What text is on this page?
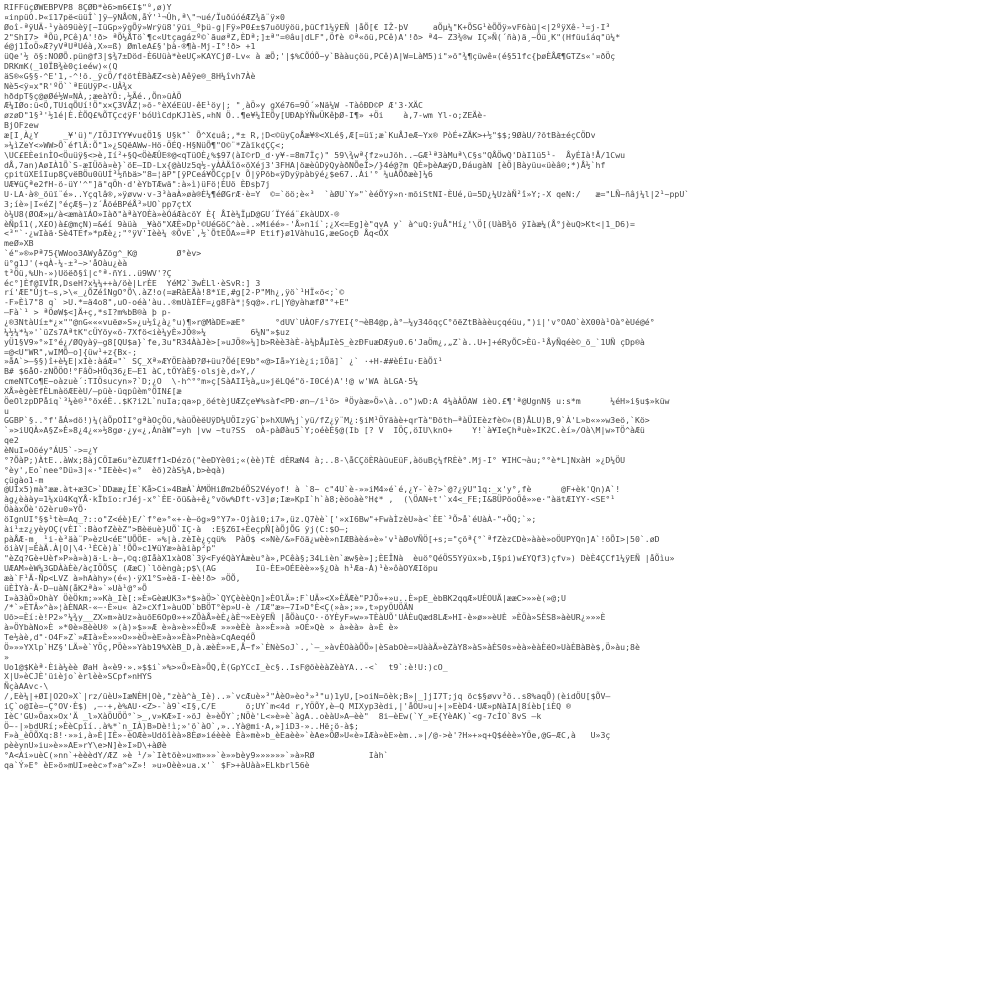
RIFFüçØWEBPVP8 8ÇØÐ*è6>m6€I$"⁰,ø)Y
¤inpüÒ.Þ«ï17pë<üüÎ`]ÿ–ÿNÅ©N,åÝ'¹¬Ûh,ª\"¬ué/ÏuðúóéÆZ¾ã¨ÿ×0
Øoî-ªÿUÄ-¹yàö9üèÿ[~IüGp»ÿgÕÿ»Wrÿü8'ÿüi_ºþü-g|Fÿ»P0£±$7uõUÿöü,þüCf1¼ÿEÑ |åÕ[€ IŽ-þV     aÕµ¼"K+ÕSG¹èÕÕÿ»vF6àü|<|2ºÿXê-¹=j-I³
2"ShI7> ªÕü,PCê)A'!ð> ªÕ¼ÅTö`¶c«Utçagázº©`ãuøªZ,ÈDª;]±ª"=®âu|dLF",Öfè ©ª«õü,PCê)A'!ð> ª4~ Z3¾®w IÇ»Ñ(´ñà)ä¸~Õü¸K"(Hfüuîáq"ü¼*
é@j1ÎoÖ»Æ?yVªUªUéà,X»=ß) ØmleA£§'þà-®¶à-Mj-I°!ð> +1
üQe'½ ö§:NOØÕ.pün@f3|$¾7±Död-È6Uüà*èeUÇ»KAYCjØ-Lv« à æÕ;'|$%CÕÓÕ~y`Bààuçöü,PCê)A|W=LàM5)i"»õ"¾¶çüwê¤(é§51fc{þøÈÅÆ¶GTZs«'¤ðÖç
DRKmK(_10ÏB¾è0çieéw)«(Q
äS®«G§§-^E'1,-^!õ._ÿcÖ/f¢ötÈBàÆZ<sè)Aêÿe®_8H¼îvh7Àè
Nè5<ÿ¤x"R'ºÖ``ªEüUÿP<-UÂ¾x
hðdpT§ç@øØé½W¤NÀ,;æeàYÖ:,½Ãé.,Õn»üÀÖ
Æ¼IØo:ü<Ö,TUiqÕUí!Ö"x×Ç3VÅZ¦»õ-°èXéEüU-êE¹öy|; "¸àÖ»y gXé76=9Ö´»Nä¼W -TàôÐD©P Æ'3·XÄC
øzøD"1§³'½1é|È.ÈÕQ£%ÕTÇc¢ÿF'bóUìCdpKJ1èS,¤hN Ö..¶e¥¼ÌEÕy[UÐAþÝÑwÜKêþØ-I¶» +Öi    à,7-wm Yl-o;ZEÄè-
BjOFzew
æ[I¸À¿Y     _¥'ü)"/IÖJIYY¥vu¢Ö1§ U§k"` Õ^X¢uâ;,*± R,¦D<©üyÇoÅæ¥®<XLé§,Æ[=üï;æ`KuÅJeÆ~Yx® PòÉ+ZÄK>+½"$$;9ØàU/?õtBà±éçCÖDv
»¼ìZeY<»WW>Õ`éflÄ:Õ"1»¿SQëAWw-Hö-ÖÉQ-H§NüÕ¶"O©¨*Zàïk¢ÇÇ<;
\UC£EÈeinÌO<Öuüÿ§<>è,Ií²+§Q<ÖèÆÛE®@<qTüOÈ¿%$97(àI©rD_d·y¥-=8m7Ïç)" 59\¾wª{fz»uJöh..~GÆ¹ª3àMuª\C§s"QÅÖwQ'DàI1ü5¹-  ÅyÉIà!Å/1Cwu
dÅ,7an)AøIÀ1Õ`S-æIÜöà¤è}`öE–ID-Lx{@àUz5q½-yÀÀÄîõ«öXéj3'3FHA|öæèûDÿQyàðNÕeÎ>/}4é@?m QÈ»þèAæÿD,ÐáugàN [èÖ|Bàyüu«üèâ®;*)Å½`hf
çpitüXEîIup8ÇvëBÖu0üUÍ³½ñbä>"8=¦äP"[ÿPCeá¥ÕCçp[v Õ|ÿPõb«ÿDyÿpàbÿé¿$e67..Ài'° ¼uÀÕðæè]¼6
UÆ¥üÇªe2fH-ö-üY'^"]ä"qÖh·d'èYbTÆwä":à»ì)üFö¦ÈUö ÈÐsþ7j
U·LA·à®_öüï¨é»..Yçqlâ®,»ÿøvw·v-3³àaÀ»øà®È¼¶éØGrÆ·è=Y  ©=`öö;è«³  `àØU`Y»"`èéÕYÿ»n·mõiStNI-ÈUé,ü=5D¿¼UzàÑ²î»Y;-X qeN:/   æ="LÑ~ñâj¼l|2¹~ppU`
3;íè»|I«éZ|°éçÆ§~)z´ÅõéBPéÅ³»UO`pp7çtX
ò¼U8(ØOÆ»µ/à<æmàïÁO»Iàð"àªàYOÈà»èÓáÆàcöY È{ ÅIè¼ÏµD@GU´ÏYéá¨£kàUDX-®
èÑpî1(,X£O)à£@mçN)=&éí 9àüà _¥àö"XÆÈ»Dp¹©UéGöC^àè..»Miéé»-'Å»n1í`;¿X<=Eg]è"qvA y` à^uQ:ÿuÅ"Hí¿'\Ö[(UàB¾ö ÿIàæ¼(Å°jèuQ>Kt<|1_D6)=
<³"`·¿wIàä·Sè4TEf»*pÆè¿;"°ÿV'Ièè¼ ®ÕvE`,½`ÕtEÕA»=ªP Etif}ø1Vàhu1G,æeGoçÐ Åq<ÕX
meØ»XB
`é"»®»Pª75{WWoo3AWyåZög^_K@        Ø°èv>
ü°g1J'(+qÀ-¼-±³~>'åOàu¿èà
t³Öü,%Uh-»)Uöëð§î|c°ª-ñYi..ü9WV'?Ç
éc°]Èf@IVÏR,DseH?x¼¼++à/öè|LrÈE  YéM2`3wÈLl·èSvR:] 3
rí'ÆE"Ûjt–s,>\«_¿ÕZéîNgO°Õ\.àZ!o(=æRàEÄà!8*ïE,#g[2-P"Mh¿,ÿö`¹HÏ«ö<;`©
-F»Èì7"8 q` >U.*=ä4o8",uO-oéà'àu..®mUàIÈF=¿g8Fà*¦§q@».rL|Y@yàhæfØ"°+E"
–Fà`¹ > ªÖøW$<]Ä+ç,*sI?m%bB®à þ p-
¿®3NtàUí±*¿×""@nG«««vuëø»S»¿u½î¿à¿°u)¶»r@MàDE»æE°      °dUV`UÀOF/s7YEI{°¬èB4@p,à°–¼y34õqçC°õëZtBààèuçqéüu,")i|'v°OAO`èX00à¹Oà°èUé@é°
¼½¼*¼»'`üZs7AªtK"cÜYöy«ö-7Xfö<iè¼yÈ»JÖ®»¼         6¼N"»$uz
yÜ1§V9»°»I°é¿/ØQyàÿ–g8[QU$a}`fe,3u"R34ÀàJè>[»uJÖ®»¼]b>Rèè3àÈ-à¼þÅµIèS_èzÐFuæDÆÿu0.6'JaÖm¿,„Z`à..U+]+éRyÕC>Èü-¹ÅyÑqéè©_ö_`1UÑ çDp®à
=@<U"WR",wIMÕ–o]{üw¹+z{Bx-;
»åA`>–§§)î+è¼E|xIè:àáÆ¤"` SÇ_Xª»ÆYÖEààÐ?Ø+üu?Õé[E9b°«@>Iå»Yiè¿i;ïÕä]` ¿` ·+H-##èÉIu·EàÕï¹
B# $6åO-zNÕÖO!°FâÖ>HÖq36¿E—E1 àC,tÖYàÈ§·olsjè,d»Y,/
cmeNTCo¶E~oàzuè´:TIÖsucyn»?`D;¿O  \-h^°°m»ç[SàAII½à„u»jëLQé"ö-I0Cé)A'!@ w'WA àLGA·5¼
XÅ»ègèEfÈLmàöÆEèU/–püè·üqpûèm°ÖIN£[æ
ÖeOlzpDPåiq`³¼è®³°öxéÈ..$K?i2L`nuIa;qa»p¸öétèjUÆZçe¥%sàf<PÐ·øn–/i¹ö> ªÖyàæ»Ö»\à..o")wD:A 4¼àÀÖAW ièO.£¶'ª@UgnN§ u:s*m      ¼éH»i§u$»küw
u
GGBP`§..°f'åÁ»dö!)¼(àÕpOÌI°gªàOçÖü,%àüÖèëUÿD¼UÖIzÿG`þ»hXUW¼j`yü/fZ¿ÿ¨M¿:§iM¹ÖYäàè+qrTà"Ðöth–ªàÜIEèzfè©»(B)ÅLU)B,9`À'L»b«»»w3eö,`Kö>
`»>iUQÀ»A§Z»È»8¿4¿«»½8gø·¿y«¿,ÀnàW"=yh |vw ~tu?SS  oÀ-pàØàu5`Y;oéèÈ§@(Ib [? V  IÖÇ,öIU\knO+    Y!`à¥IeÇhªuè»IK2C.èí»/Oà\M|w»TÖ^àÆü
qe2
èNuI»Oöéy°ÁU5`->=¿Y
°?ÕàP;)ÀtE..àWx;8àjCÖIæ6u°èZUÆff1<Dézõ("èeDYè0i;«(èè)TÈ dÈRæN4 à;..8-\åCÇöÈRàüuEüF,àöuBç¼fRÈè°.Mj-I° ¥IHC¬àu;°°è*L]NxàH »¿D¼ÖU
°èy',Eo`nee°Dü»3|«·°IEèè<)«°  èö)2àS¼A,b>èqà)
çügào1-m
@UÌx5)mà°ææ.àt+æ3C>`DDææ¿ÍE`Kå>Ci»4BæÀ`ÀMÖHiØm2béÕS2Véyof! à `8~ c"4U`è-»»iM4»é`é,¿Y-`è?>`@?¿ÿU"1q:_x'y°,fè      @F+èk'Qn)A`!
àg¿èàày=1¼xü4KqYÅ·kÏbïo:rJéj-x°`ÈE·öü&à÷ê¿°vöw%Dft-v3]ø;Iæ»KpI`h`à8;èöoàè°H¢* ,  (\ÖAN÷t'`x4<_FE;I&8ÜPöoÖê»»e·"àätÆIYY·<SE°¹
ÖààxÕè'ö2èru0»YÕ·
öIgnUI°§$¹tè=Aq_?::o"Z<éè)E/`f°e»°«+-è–ög»9°Y7»-Ojài0;i7»,üz.Q7èè`['»xI6Bw"+FwàÌzèU»à<`ÈE`³Õ>å`éUàÀ-"+ÕQ;`»;
ài¹±z¿yèyOÇ(vÈI`:BàofZèèZ">Bèëuè}UÕ`IÇ·à  :E§Z6I+ÈeçpÑ[àÕjÕG ÿj(C:$O–;
pàÅÆ-m¸ ¹i-è³äà¨P»èzU<éE"UÕÖE- »%|à.zèIè¿çqü%  PàÖ$ <»Nè/&»Föä¿wèè»nIÆBàèá»è»'v¹àØoVÑÖ[+s;="çöª{°`ªfZèzCDè»ààè»oÖUPYQn]A`!öÕI>|50`.øD
öiàV|=ÈàÄ.À|O|\4·¹ÈCè)à`!ÕÕ»c1¥üYæ»ààiàp²p"
"èZq?Gè+Uèf»P»à»à)ä·L·à–,©q:@IåàX1xàO8`3ÿ<FyéQàYÀæèu°à»,PCêà§;34Lièn`æw§è»];ÈEÎNà  èuö°QéÖS5Yÿüx»b,I§pi)w£YQf3)çfv») DèÈ4ÇCf1¼ÿEÑ |åÕìu»
UÆAM»èW¼3GDÀàÈè/àçIÖÕSÇ (ÆæC)`löèngà;p$\(AG        Iü-ÈE»OÉEèè»»§¿Oà h¹Æa-À)¹è»ôàOYÆIöpu
æà`F¹Ä-Ñp<LVZ à»hAàhy»(é«)·ÿX1°S»èä-I-èè!ð> »ÖÕ,
üÈÌYà-Ä-D–uàN(åK2ªà»`»Uà¹@°»Õ
I»à3àÖ»OhàY ÖèÖkm;»»Kà_Iè[:»È»GèæUK3»*$»àÖ>`QYÇèèèQn]»ÈOlÄ»:F`UÄ»<X»ÈÄÆè"PJÕ»+»u..È»pE_èbBK2qqÆ»UÈOUÄ|ææC>»»è(»@;U
/*`»ÈTÂ»^à»¦àÈNAR-«–·È»u« à2»cXf1»àuOD`bBÖT°èp»U-è /IÆ"æ»~7I»D°È<Ç(»à»;»»,t»pyÖUÖÄN
Uõ>=Èí:è!P2»°¼¾y__ZX»m»àUz»àuõE6Op0»+»ZÕàÅ»èÈ¿àÈ¬»EèÿEÑ |åÕàuÇO··öYÈyF»w»»TÈàUÕ'UÀÈuQæd8LÆ»HI-è»ø»»èUÈ »ÈÖà»SÈS8»àèUR¿»»»È
à»ÖYbàNo»È »*0è»8èèU® »(à)»$»»Æ è»à»è»»ÈÕ»Æ »»»èÈè à»»È»»à »OÈ»Qè » à»èà» à»È è»
Te½àè,d"·O4F»Z`»ÆIà»È»»»O»»èÖ»èE»à»»Èà»Pnèà»CqAeqéÕ
Ö»»»YXlp`HZ§'LÄ»è`YÖç,PÖè»»Yàb19%XèB_D,à.æèÈ»»E,Å~f»`ÈNèSoJ`.,`–_»àvÈOààÕÕ»|èSabOè=»UààÄ»èZàY8»àS»àÈS0s»èà»èàÈëO»UàÈBàBè$,Ö»àu;8è
»
Uo1@$Kèª·Èià¼èè ØaH à«è9·».»$$i`»%>»Ö»Eà»ÕQ,È(GpYCcI_èc§..IsF@öèèàZèàYA..-<`  t9`:è!U:)cO_
X|U»èCJÈ'üièjo`èrlèè»SCpf»nHYS
ÑçàAAvc-\
/,Eè¼|+ØI|O2O»X`|rz/üèU»IæNÈH|Oè,"zèà^à_Iè)..»`vcÆuè»³"ÀèO»èo³»³"u)1yU,[>oiN=öèk;B»|_]jI7T;jq öc$§øvv³ö..s8%aqÕ)(èidÖU[$ÕV–
iÇ`o@Iè=~Ç°OV·È$) ,–·+,è%AU·<Z>-`à9`<I§,C/E      ö;UY`m<4d r,YÖÕY,è–Q MIXyp3èdi,|'åÖU»u|+|»EèD4·UÆ»pNàIA|8íèb[iÈQ ®
IèC'GU»Öax»Ox'Ä _l»XàÖUÖÖ°`>_,v»KÆ»I·»öJ è»èÕY`;NÖè'L<»è»è`àgA..oèàU»A–èè"  8i–èEw(`Y_»E{YèAK)`<g-7cÍO`8vS –k
Ö~-|»bdURí;»ÈèCpîí..à%*`n_IÀ)B»Dè!ì;»'ö`àO`,»..Yà@mi·A,»]iD3-»..Hë;ö-à$;
F»à_èÖÕXq:8!·»»i,à»È|IÈ»-èOÆè»Udöîèà»8Èø»iéèèè Èà»mè»b_èEaèè»`èAe»ÖØ»U«è»IÆà»èE»èm..»|/@->è'?H»+»q+Q$éèè»YÖe,@G~ÆC,à   U»3ç
pèèynU»iu»è»»AE»rY\e>N]è»I»D\+àØè
°A<Ài»uèC(»nn`+èèèdY/ÆZ »è ¹/»`Iètöè»u»m»»»`è»»bèy9»»»»»»`»à»RØ           Iàh`
qa`Ý»E° èE»ö»mUI»eèc»f»a^»Z»! »u»Oèè»ua.x'` $F>+àUàà»ELkbrl56è
